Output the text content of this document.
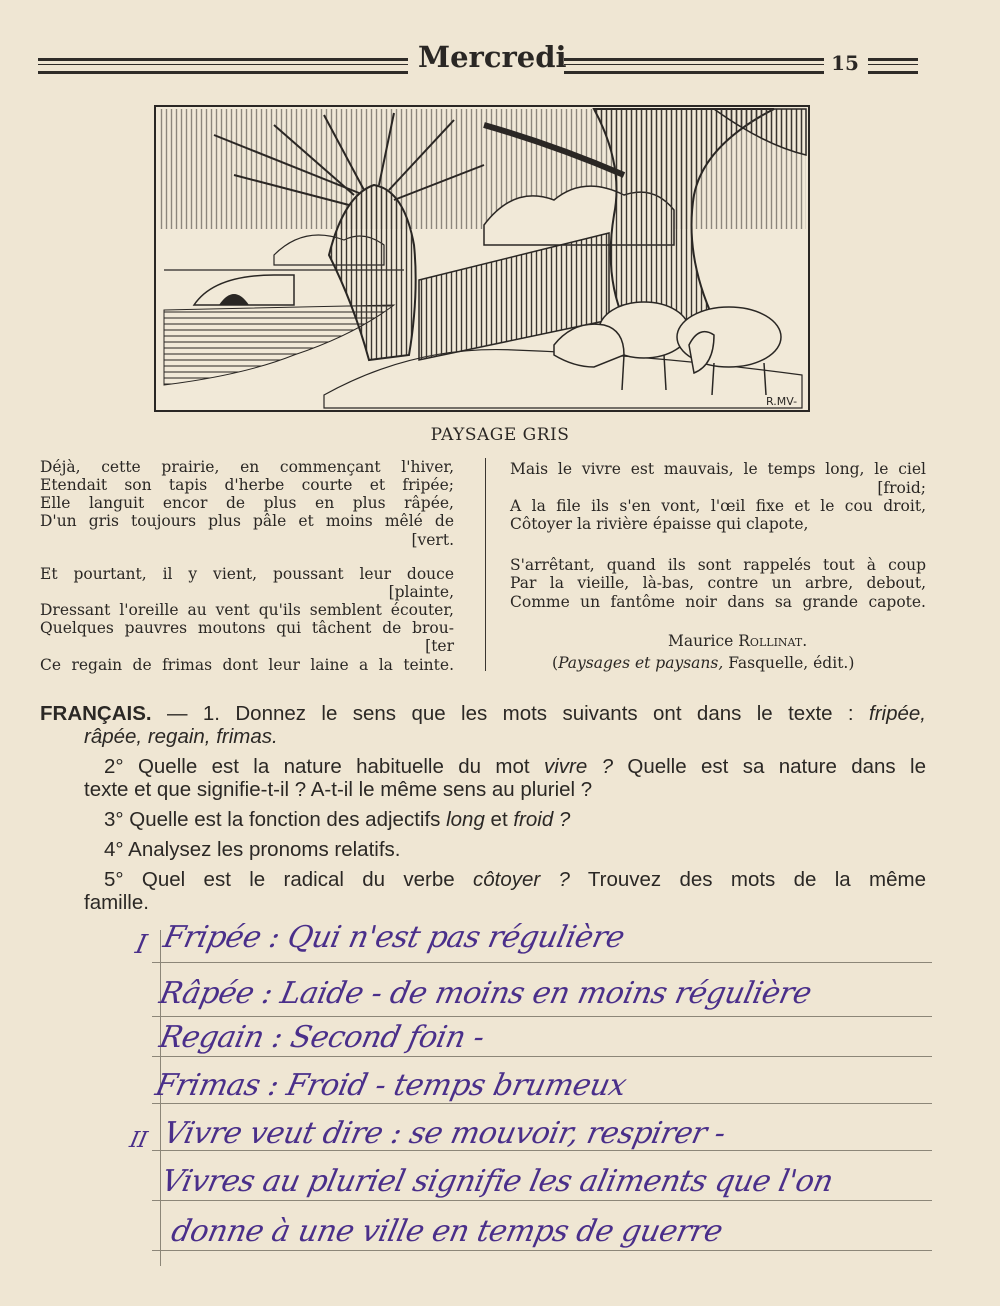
Mercredi	15
R.MV-
PAYSAGE GRIS
Déjà, cette prairie, en commençant l'hiver,
Etendait son tapis d'herbe courte et fripée;
Elle languit encor de plus en plus râpée,
D'un gris toujours plus pâle et moins mêlé de
[vert.
Et pourtant, il y vient, poussant leur douce
[plainte,
Dressant l'oreille au vent qu'ils semblent écouter,
Quelques pauvres moutons qui tâchent de brou-
[ter
Ce regain de frimas dont leur laine a la teinte.
Mais le vivre est mauvais, le temps long, le ciel
[froid;
A la file ils s'en vont, l'œil fixe et le cou droit,
Côtoyer la rivière épaisse qui clapote,
S'arrêtant, quand ils sont rappelés tout à coup
Par la vieille, là-bas, contre un arbre, debout,
Comme un fantôme noir dans sa grande capote.
Maurice Rollinat.
(Paysages et paysans, Fasquelle, édit.)
FRANÇAIS. — 1. Donnez le sens que les mots suivants ont dans le texte : fripée,
râpée, regain, frimas.
2° Quelle est la nature habituelle du mot vivre ? Quelle est sa nature dans le
texte et que signifie-t-il ? A-t-il le même sens au pluriel ?
3° Quelle est la fonction des adjectifs long et froid ?
4° Analysez les pronoms relatifs.
5° Quel est le radical du verbe côtoyer ? Trouvez des mots de la même
famille.
I Fripée : Qui n'est pas régulière
Râpée : Laide - de moins en moins régulière
Regain : Second foin -
Frimas : Froid - temps brumeux
II Vivre veut dire : se mouvoir, respirer -
Vivres au pluriel signifie les aliments que l'on
donne à une ville en temps de guerre
